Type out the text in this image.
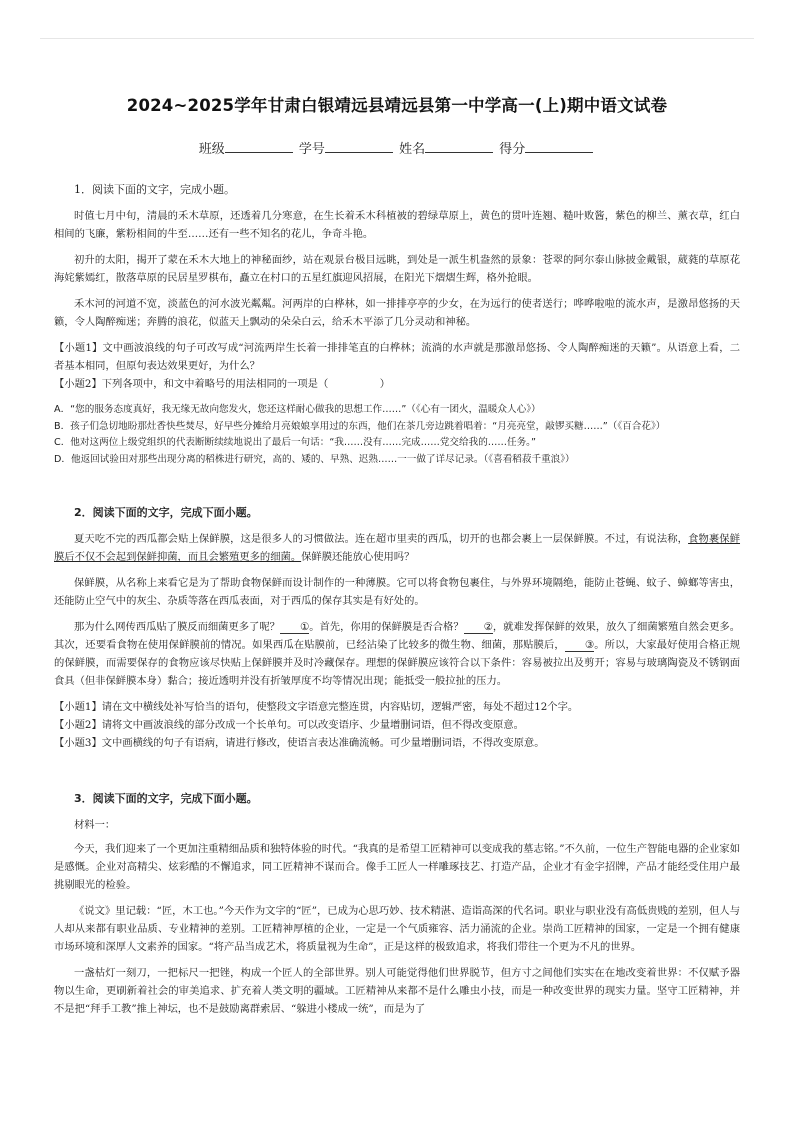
2024~2025学年甘肃白银靖远县靖远县第一中学高一(上)期中语文试卷
班级	学号	姓名	得分
1．阅读下面的文字，完成小题。

时值七月中旬，清晨的禾木草原，还透着几分寒意，在生长着禾木科植被的碧绿草原上，黄色的贯叶连翘、糙叶败酱，紫色的柳兰、薰衣草，红白相间的飞廉，紫粉相间的牛至……还有一些不知名的花儿，争奇斗艳。

初升的太阳，揭开了蒙在禾木大地上的神秘面纱，站在观景台极目远眺，到处是一派生机盎然的景象：苍翠的阿尔泰山脉披金戴银，葳蕤的草原花海姹紫嫣红，散落草原的民居星罗棋布，矗立在村口的五星红旗迎风招展，在阳光下熠熠生辉，格外抢眼。

禾木河的河道不宽，淡蓝色的河水波光粼粼。河两岸的白桦林，如一排排亭亭的少女，在为远行的使者送行；哗哗啦啦的流水声，是激昂悠扬的天籁，令人陶醉痴迷；奔腾的浪花，似蓝天上飘动的朵朵白云，给禾木平添了几分灵动和神秘。

【小题1】文中画波浪线的句子可改写成“河流两岸生长着一排排笔直的白桦林；流淌的水声就是那激昂悠扬、令人陶醉痴迷的天籁”。从语意上看，二者基本相同，但原句表达效果更好，为什么？

【小题2】下列各项中，和文中着略号的用法相同的一项是（　　　　　）

A．“您的服务态度真好，我无缘无故向您发火，您还这样耐心做我的思想工作……”（《心有一团火，温暖众人心》）

B．孩子们急切地盼那灶香快些焚尽，好早些分摊给月亮娘娘享用过的东西，他们在茶几旁边跳着唱着：“月亮亮堂，敲锣买糖……”（《百合花》）

C．他对这两位上级党组织的代表断断续续地说出了最后一句话：“我……没有……完成……党交给我的……任务。”

D．他返回试验田对那些出现分离的稻株进行研究，高的、矮的、早熟、迟熟……一一做了详尽记录。（《喜看稻菽千重浪》）

2．阅读下面的文字，完成下面小题。

夏天吃不完的西瓜都会贴上保鲜膜，这是很多人的习惯做法。连在超市里卖的西瓜，切开的也都会裹上一层保鲜膜。不过，有说法称，食物裹保鲜膜后不仅不会起到保鲜抑菌，而且会繁殖更多的细菌。保鲜膜还能放心使用吗？

保鲜膜，从名称上来看它是为了帮助食物保鲜而设计制作的一种薄膜。它可以将食物包裹住，与外界环境隔绝，能防止苍蝇、蚊子、蟑螂等害虫，还能防止空气中的灰尘、杂质等落在西瓜表面，对于西瓜的保存其实是有好处的。

那为什么网传西瓜贴了膜反而细菌更多了呢？ ①。首先，你用的保鲜膜是否合格？ ②，就难发挥保鲜的效果，放久了细菌繁殖自然会更多。其次，还要看食物在使用保鲜膜前的情况。如果西瓜在贴膜前，已经沾染了比较多的微生物、细菌，那贴膜后， ③。所以，大家最好使用合格正规的保鲜膜，而需要保存的食物应该尽快贴上保鲜膜并及时冷藏保存。理想的保鲜膜应该符合以下条件：容易被拉出及剪开；容易与玻璃陶瓷及不锈钢面食具（但非保鲜膜本身）黏合；接近透明并没有折皱厚度不均等情况出现；能抵受一般拉扯的压力。

【小题1】请在文中横线处补写恰当的语句，使整段文字语意完整连贯，内容贴切，逻辑严密，每处不超过12个字。

【小题2】请将文中画波浪线的部分改成一个长单句。可以改变语序、少量增删词语，但不得改变原意。

【小题3】文中画横线的句子有语病，请进行修改，使语言表达准确流畅。可少量增删词语，不得改变原意。

3．阅读下面的文字，完成下面小题。
材料一：

今天，我们迎来了一个更加注重精细品质和独特体验的时代。“我真的是希望工匠精神可以变成我的墓志铭。”不久前，一位生产智能电器的企业家如是感慨。企业对高精尖、炫彩酷的不懈追求，同工匠精神不谋而合。像手工匠人一样雕琢技艺、打造产品，企业才有金字招牌，产品才能经受住用户最挑剔眼光的检验。

《说文》里记载：“匠，木工也。”今天作为文字的“匠”，已成为心思巧妙、技术精湛、造诣高深的代名词。职业与职业没有高低贵贱的差别，但人与人却从来都有职业品质、专业精神的差别。工匠精神厚植的企业，一定是一个气质雍容、活力涌流的企业。崇尚工匠精神的国家，一定是一个拥有健康市场环境和深厚人文素养的国家。“将产品当成艺术，将质量视为生命”，正是这样的极致追求，将我们带往一个更为不凡的世界。

一盏枯灯一刻刀，一把标尺一把锉，构成一个匠人的全部世界。别人可能觉得他们世界脱节，但方寸之间他们实实在在地改变着世界：不仅赋予器物以生命，更刷新着社会的审美追求、扩充着人类文明的疆域。工匠精神从来都不是什么雕虫小技，而是一种改变世界的现实力量。坚守工匠精神，并不是把“拜手工教”推上神坛，也不是鼓励离群索居、“躲进小楼成一统”，而是为了
